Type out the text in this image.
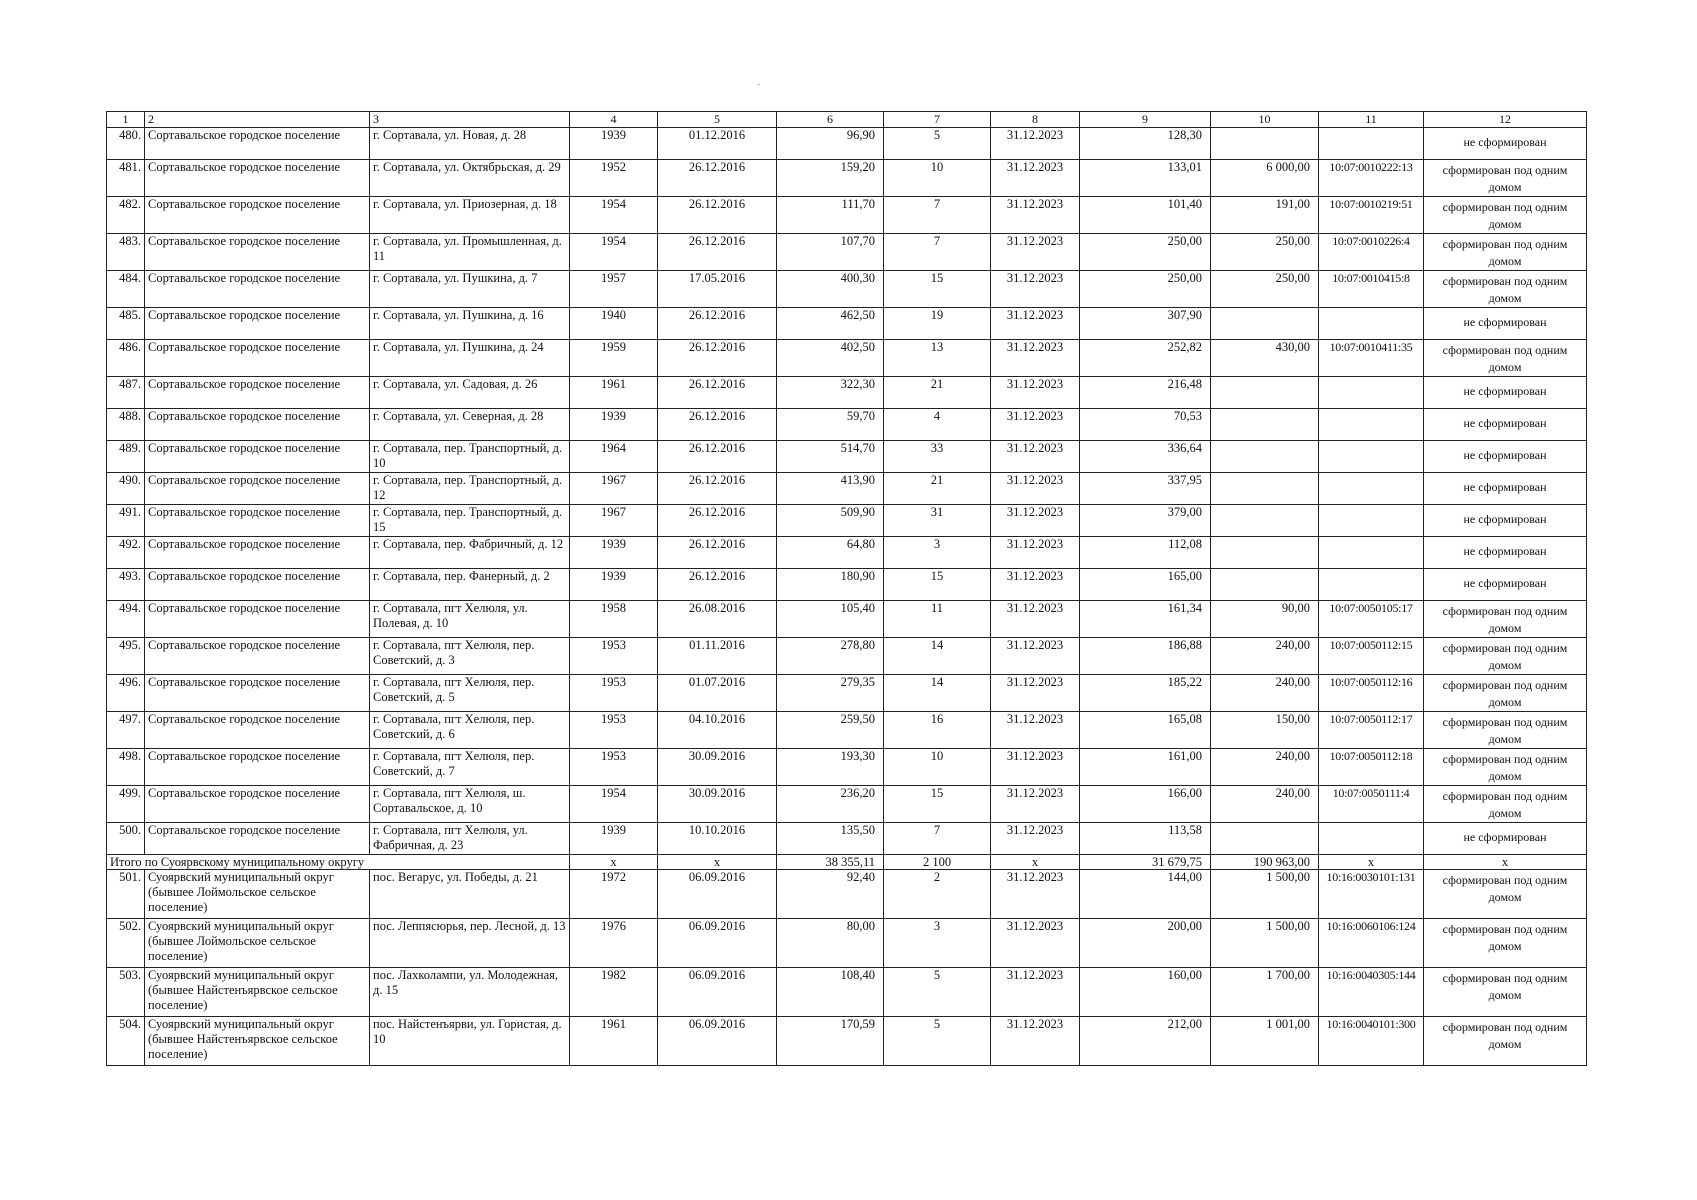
1	2	3	4	5	6	7	8	9	10	11	12
480.	Сортавальское городское поселение	г. Сортавала, ул. Новая, д. 28	1939	01.12.2016	96,90	5	31.12.2023	128,30			не сформирован

481.	Сортавальское городское поселение	г. Сортавала, ул. Октябрьская, д. 29	1952	26.12.2016	159,20	10	31.12.2023	133,01	6 000,00	10:07:0010222:13	сформирован под одним домом

482.	Сортавальское городское поселение	г. Сортавала, ул. Приозерная, д. 18	1954	26.12.2016	111,70	7	31.12.2023	101,40	191,00	10:07:0010219:51	сформирован под одним домом

483.	Сортавальское городское поселение	г. Сортавала, ул. Промышленная, д. 11	1954	26.12.2016	107,70	7	31.12.2023	250,00	250,00	10:07:0010226:4	сформирован под одним домом

484.	Сортавальское городское поселение	г. Сортавала, ул. Пушкина, д. 7	1957	17.05.2016	400,30	15	31.12.2023	250,00	250,00	10:07:0010415:8	сформирован под одним домом

485.	Сортавальское городское поселение	г. Сортавала, ул. Пушкина, д. 16	1940	26.12.2016	462,50	19	31.12.2023	307,90			не сформирован

486.	Сортавальское городское поселение	г. Сортавала, ул. Пушкина, д. 24	1959	26.12.2016	402,50	13	31.12.2023	252,82	430,00	10:07:0010411:35	сформирован под одним домом

487.	Сортавальское городское поселение	г. Сортавала, ул. Садовая, д. 26	1961	26.12.2016	322,30	21	31.12.2023	216,48			не сформирован

488.	Сортавальское городское поселение	г. Сортавала, ул. Северная, д. 28	1939	26.12.2016	59,70	4	31.12.2023	70,53			не сформирован

489.	Сортавальское городское поселение	г. Сортавала, пер. Транспортный, д. 10	1964	26.12.2016	514,70	33	31.12.2023	336,64			не сформирован

490.	Сортавальское городское поселение	г. Сортавала, пер. Транспортный, д. 12	1967	26.12.2016	413,90	21	31.12.2023	337,95			не сформирован

491.	Сортавальское городское поселение	г. Сортавала, пер. Транспортный, д. 15	1967	26.12.2016	509,90	31	31.12.2023	379,00			не сформирован

492.	Сортавальское городское поселение	г. Сортавала, пер. Фабричный, д. 12	1939	26.12.2016	64,80	3	31.12.2023	112,08			не сформирован

493.	Сортавальское городское поселение	г. Сортавала, пер. Фанерный, д. 2	1939	26.12.2016	180,90	15	31.12.2023	165,00			не сформирован

494.	Сортавальское городское поселение	г. Сортавала, пгт Хелюля, ул. Полевая, д. 10	1958	26.08.2016	105,40	11	31.12.2023	161,34	90,00	10:07:0050105:17	сформирован под одним домом

495.	Сортавальское городское поселение	г. Сортавала, пгт Хелюля, пер. Советский, д. 3	1953	01.11.2016	278,80	14	31.12.2023	186,88	240,00	10:07:0050112:15	сформирован под одним домом

496.	Сортавальское городское поселение	г. Сортавала, пгт Хелюля, пер. Советский, д. 5	1953	01.07.2016	279,35	14	31.12.2023	185,22	240,00	10:07:0050112:16	сформирован под одним домом

497.	Сортавальское городское поселение	г. Сортавала, пгт Хелюля, пер. Советский, д. 6	1953	04.10.2016	259,50	16	31.12.2023	165,08	150,00	10:07:0050112:17	сформирован под одним домом

498.	Сортавальское городское поселение	г. Сортавала, пгт Хелюля, пер. Советский, д. 7	1953	30.09.2016	193,30	10	31.12.2023	161,00	240,00	10:07:0050112:18	сформирован под одним домом

499.	Сортавальское городское поселение	г. Сортавала, пгт Хелюля, ш. Сортавальское, д. 10	1954	30.09.2016	236,20	15	31.12.2023	166,00	240,00	10:07:0050111:4	сформирован под одним домом

500.	Сортавальское городское поселение	г. Сортавала, пгт Хелюля, ул. Фабричная, д. 23	1939	10.10.2016	135,50	7	31.12.2023	113,58			не сформирован

Итого по Суоярвскому муниципальному округу			х	х	38 355,11	2 100	х	31 679,75	190 963,00	х	х
501.	Суоярвский муниципальный округ (бывшее Лоймольское сельское поселение)	пос. Вегарус, ул. Победы, д. 21	1972	06.09.2016	92,40	2	31.12.2023	144,00	1 500,00	10:16:0030101:131	сформирован под одним домом

502.	Суоярвский муниципальный округ (бывшее Лоймольское сельское поселение)	пос. Леппясюрья, пер. Лесной, д. 13	1976	06.09.2016	80,00	3	31.12.2023	200,00	1 500,00	10:16:0060106:124	сформирован под одним домом

503.	Суоярвский муниципальный округ (бывшее Найстенъярвское сельское поселение)	пос. Лахколампи, ул. Молодежная, д. 15	1982	06.09.2016	108,40	5	31.12.2023	160,00	1 700,00	10:16:0040305:144	сформирован под одним домом

504.	Суоярвский муниципальный округ (бывшее Найстенъярвское сельское поселение)	пос. Найстенъярви, ул. Гористая, д. 10	1961	06.09.2016	170,59	5	31.12.2023	212,00	1 001,00	10:16:0040101:300	сформирован под одним домом
